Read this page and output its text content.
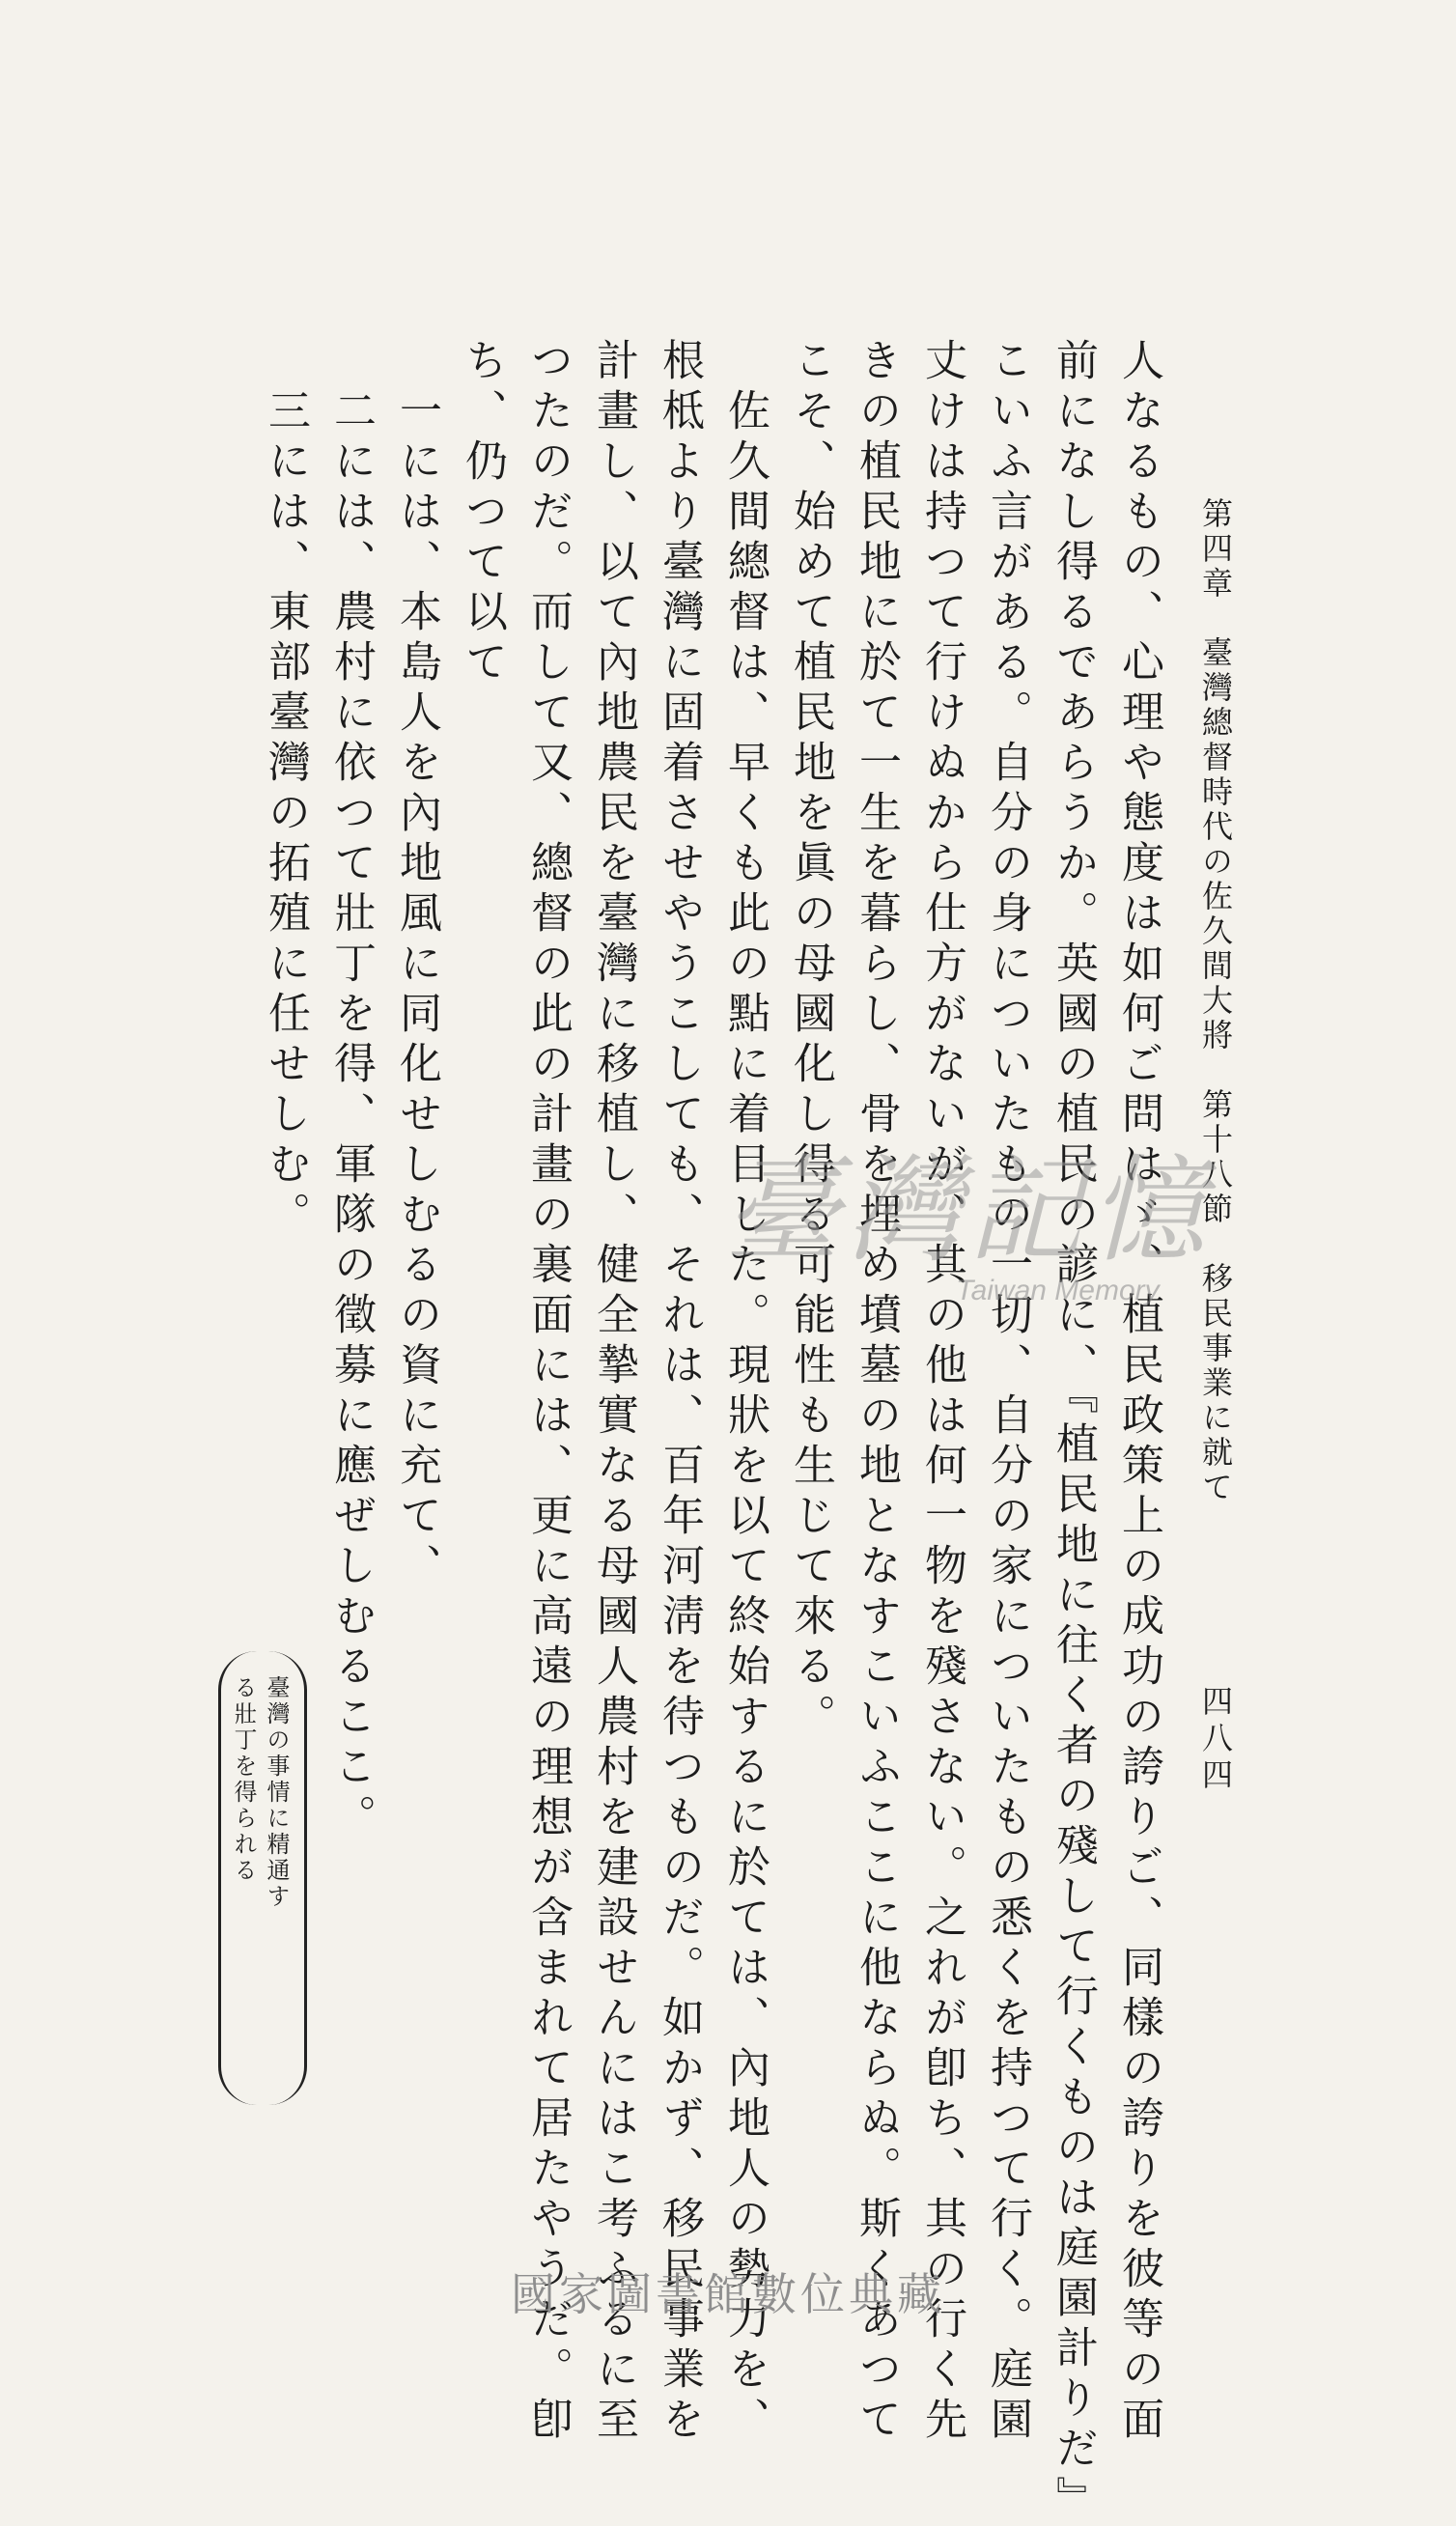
第四章　臺灣總督時代の佐久間大將　第十八節　移民事業に就て
四八四
人なるもの、心理や態度は如何ご問はゞ、植民政策上の成功の誇りご、同樣の誇りを彼等の面
前になし得るであらうか。英國の植民の諺に、『植民地に往く者の殘して行くものは庭園計りだ』
こいふ言がある。自分の身についたもの一切、自分の家についたもの悉くを持つて行く。庭園
丈けは持つて行けぬから仕方がないが、其の他は何一物を殘さない。之れが卽ち、其の行く先
きの植民地に於て一生を暮らし、骨を埋め墳墓の地となすこいふここに他ならぬ。斯くあつて
こそ、始めて植民地を眞の母國化し得る可能性も生じて來る。
　佐久間總督は、早くも此の點に着目した。現狀を以て終始するに於ては、內地人の勢力を、
根柢より臺灣に固着させやうこしても、それは、百年河淸を待つものだ。如かず、移民事業を
計畫し、以て內地農民を臺灣に移植し、健全摯實なる母國人農村を建設せんにはこ考ふるに至
つたのだ。而して又、總督の此の計畫の裏面には、更に高遠の理想が含まれて居たやうだ。卽
ち、仍つて以て
　一には、本島人を內地風に同化せしむるの資に充て、
　二には、農村に依つて壯丁を得、軍隊の徵募に應ぜしむるここ。
　三には、東部臺灣の拓殖に任せしむ。
臺灣の事情に精通す
る壯丁を得られる
臺灣記憶
Taiwan Memory
國家圖書館數位典藏
